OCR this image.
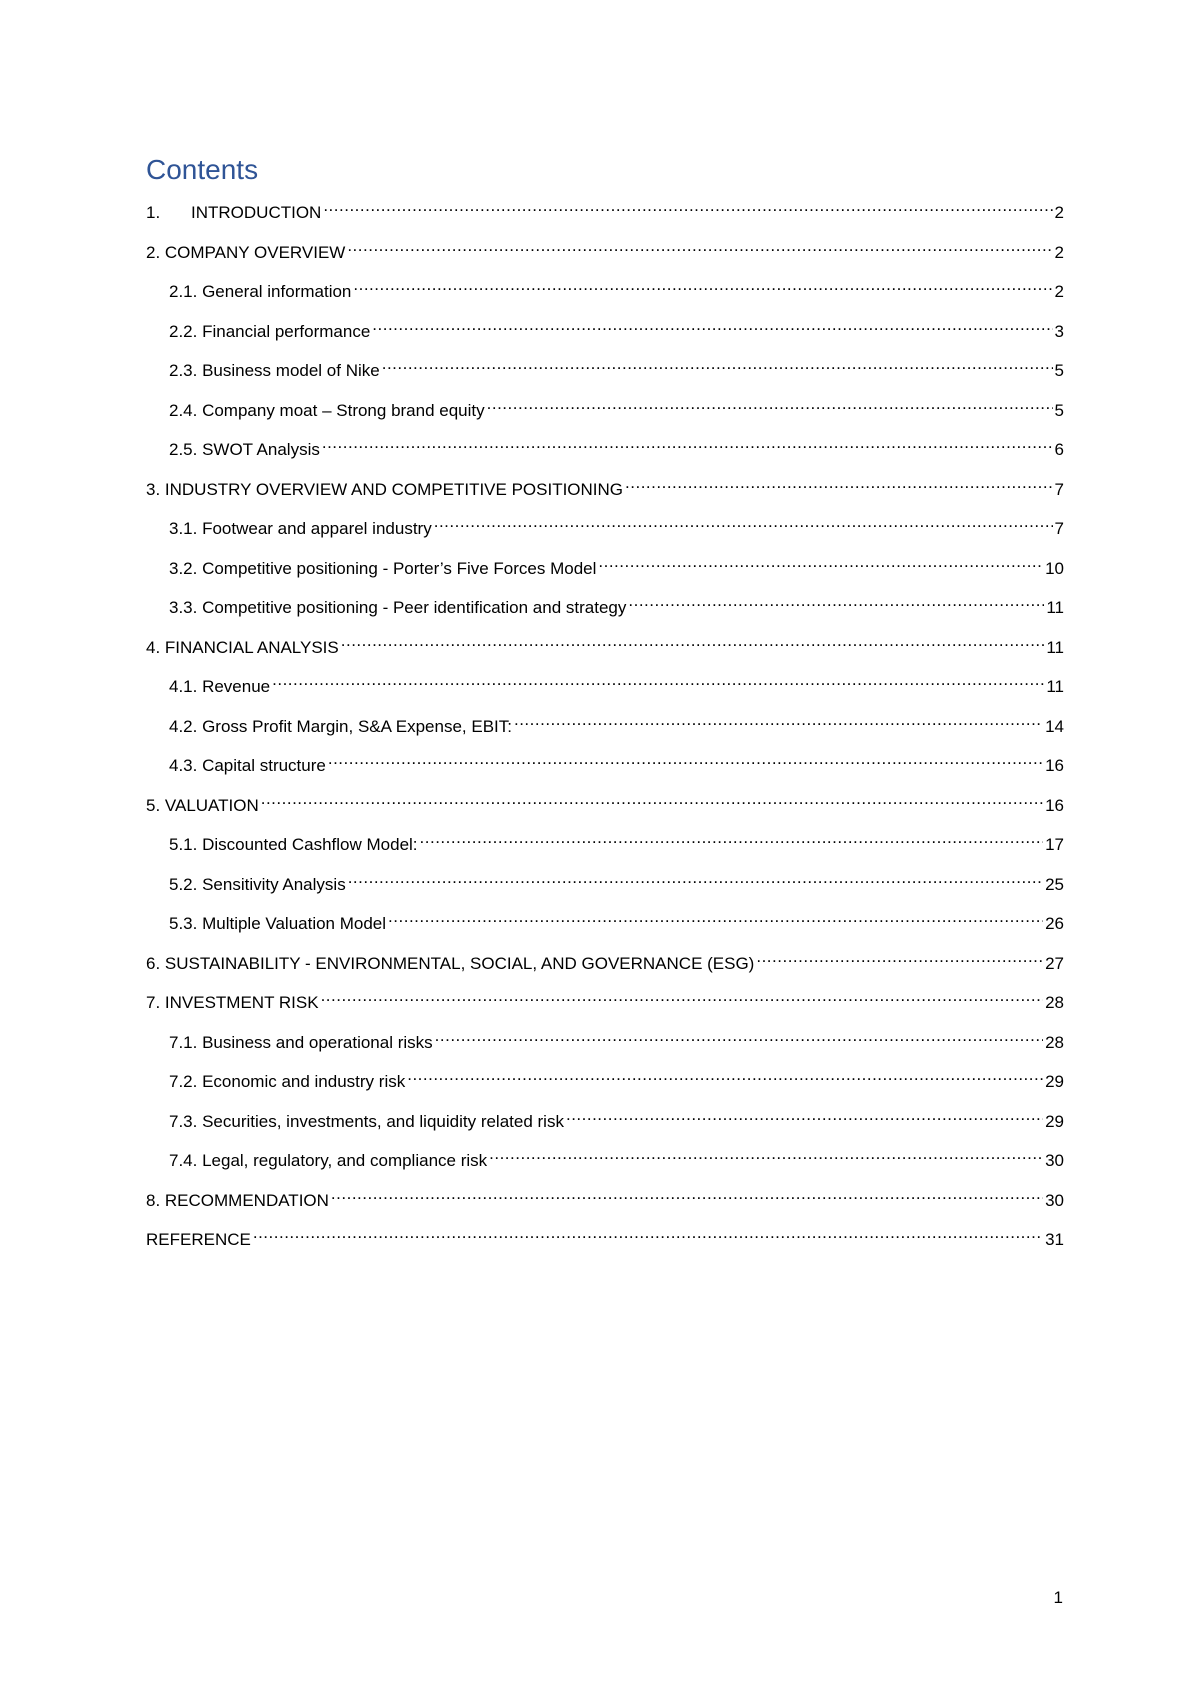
Contents
1. INTRODUCTION .....	2
2. COMPANY OVERVIEW .....	2
2.1. General information .....	2
2.2. Financial performance .....	3
2.3. Business model of Nike .....	5
2.4. Company moat – Strong brand equity .....	5
2.5. SWOT Analysis .....	6
3. INDUSTRY OVERVIEW AND COMPETITIVE POSITIONING .....	7
3.1. Footwear and apparel industry .....	7
3.2. Competitive positioning - Porter’s Five Forces Model .....	10
3.3. Competitive positioning - Peer identification and strategy .....	11
4. FINANCIAL ANALYSIS .....	11
4.1. Revenue .....	11
4.2. Gross Profit Margin, S&A Expense, EBIT: .....	14
4.3. Capital structure .....	16
5. VALUATION .....	16
5.1. Discounted Cashflow Model: .....	17
5.2. Sensitivity Analysis .....	25
5.3. Multiple Valuation Model .....	26
6. SUSTAINABILITY - ENVIRONMENTAL, SOCIAL, AND GOVERNANCE (ESG) .....	27
7. INVESTMENT RISK .....	28
7.1. Business and operational risks .....	28
7.2. Economic and industry risk .....	29
7.3. Securities, investments, and liquidity related risk .....	29
7.4. Legal, regulatory, and compliance risk .....	30
8. RECOMMENDATION .....	30
REFERENCE .....	31
1
